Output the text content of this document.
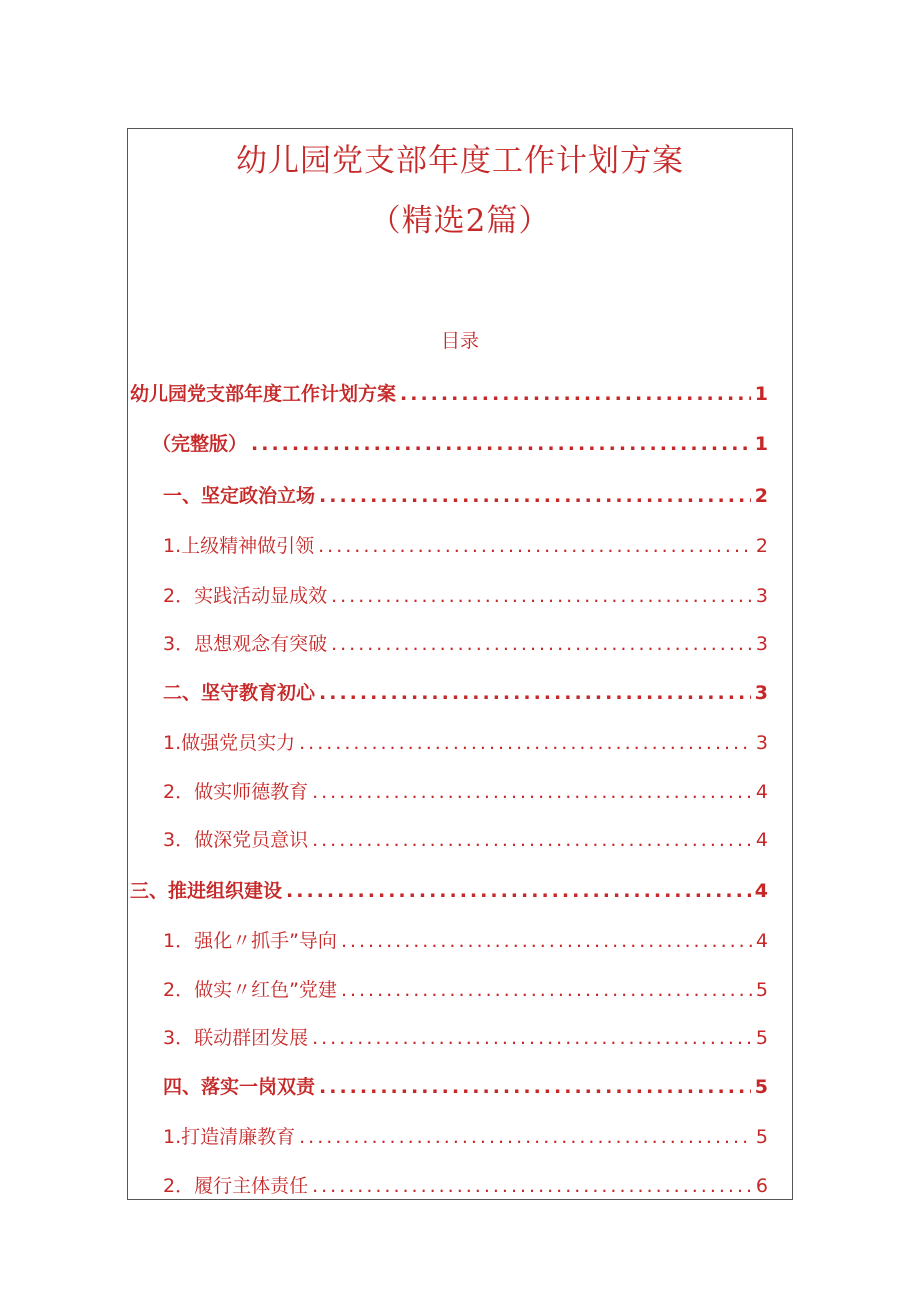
幼儿园党支部年度工作计划方案
（精选2篇）
目录
幼儿园党支部年度工作计划方案 .....	1
（完整版） .....	1
一、坚定政治立场 .....	2
1.上级精神做引领 .....	2
2．实践活动显成效 .....	3
3．思想观念有突破 .....	3
二、坚守教育初心 .....	3
1.做强党员实力 .....	3
2．做实师德教育 .....	4
3．做深党员意识 .....	4
三、推进组织建设 .....	4
1．强化〃抓手”导向 .....	4
2．做实〃红色”党建 .....	5
3．联动群团发展 .....	5
四、落实一岗双责 .....	5
1.打造清廉教育 .....	5
2．履行主体责任 .....	6
